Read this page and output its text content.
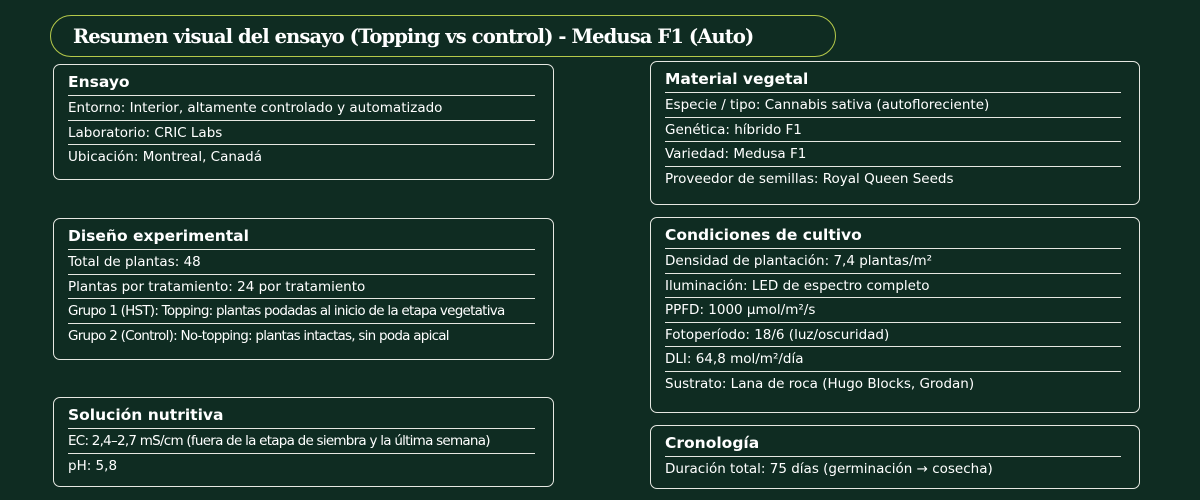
Resumen visual del ensayo (Topping vs control) - Medusa F1 (Auto)
Ensayo
Entorno: Interior, altamente controlado y automatizado
Laboratorio: CRIC Labs
Ubicación: Montreal, Canadá
Diseño experimental
Total de plantas: 48
Plantas por tratamiento: 24 por tratamiento
Grupo 1 (HST): Topping: plantas podadas al inicio de la etapa vegetativa
Grupo 2 (Control): No-topping: plantas intactas, sin poda apical
Solución nutritiva
EC: 2,4–2,7 mS/cm (fuera de la etapa de siembra y la última semana)
pH: 5,8
Material vegetal
Especie / tipo: Cannabis sativa (autofloreciente)
Genética: híbrido F1
Variedad: Medusa F1
Proveedor de semillas: Royal Queen Seeds
Condiciones de cultivo
Densidad de plantación: 7,4 plantas/m²
Iluminación: LED de espectro completo
PPFD: 1000 µmol/m²/s
Fotoperíodo: 18/6 (luz/oscuridad)
DLI: 64,8 mol/m²/día
Sustrato: Lana de roca (Hugo Blocks, Grodan)
Cronología
Duración total: 75 días (germinación → cosecha)
